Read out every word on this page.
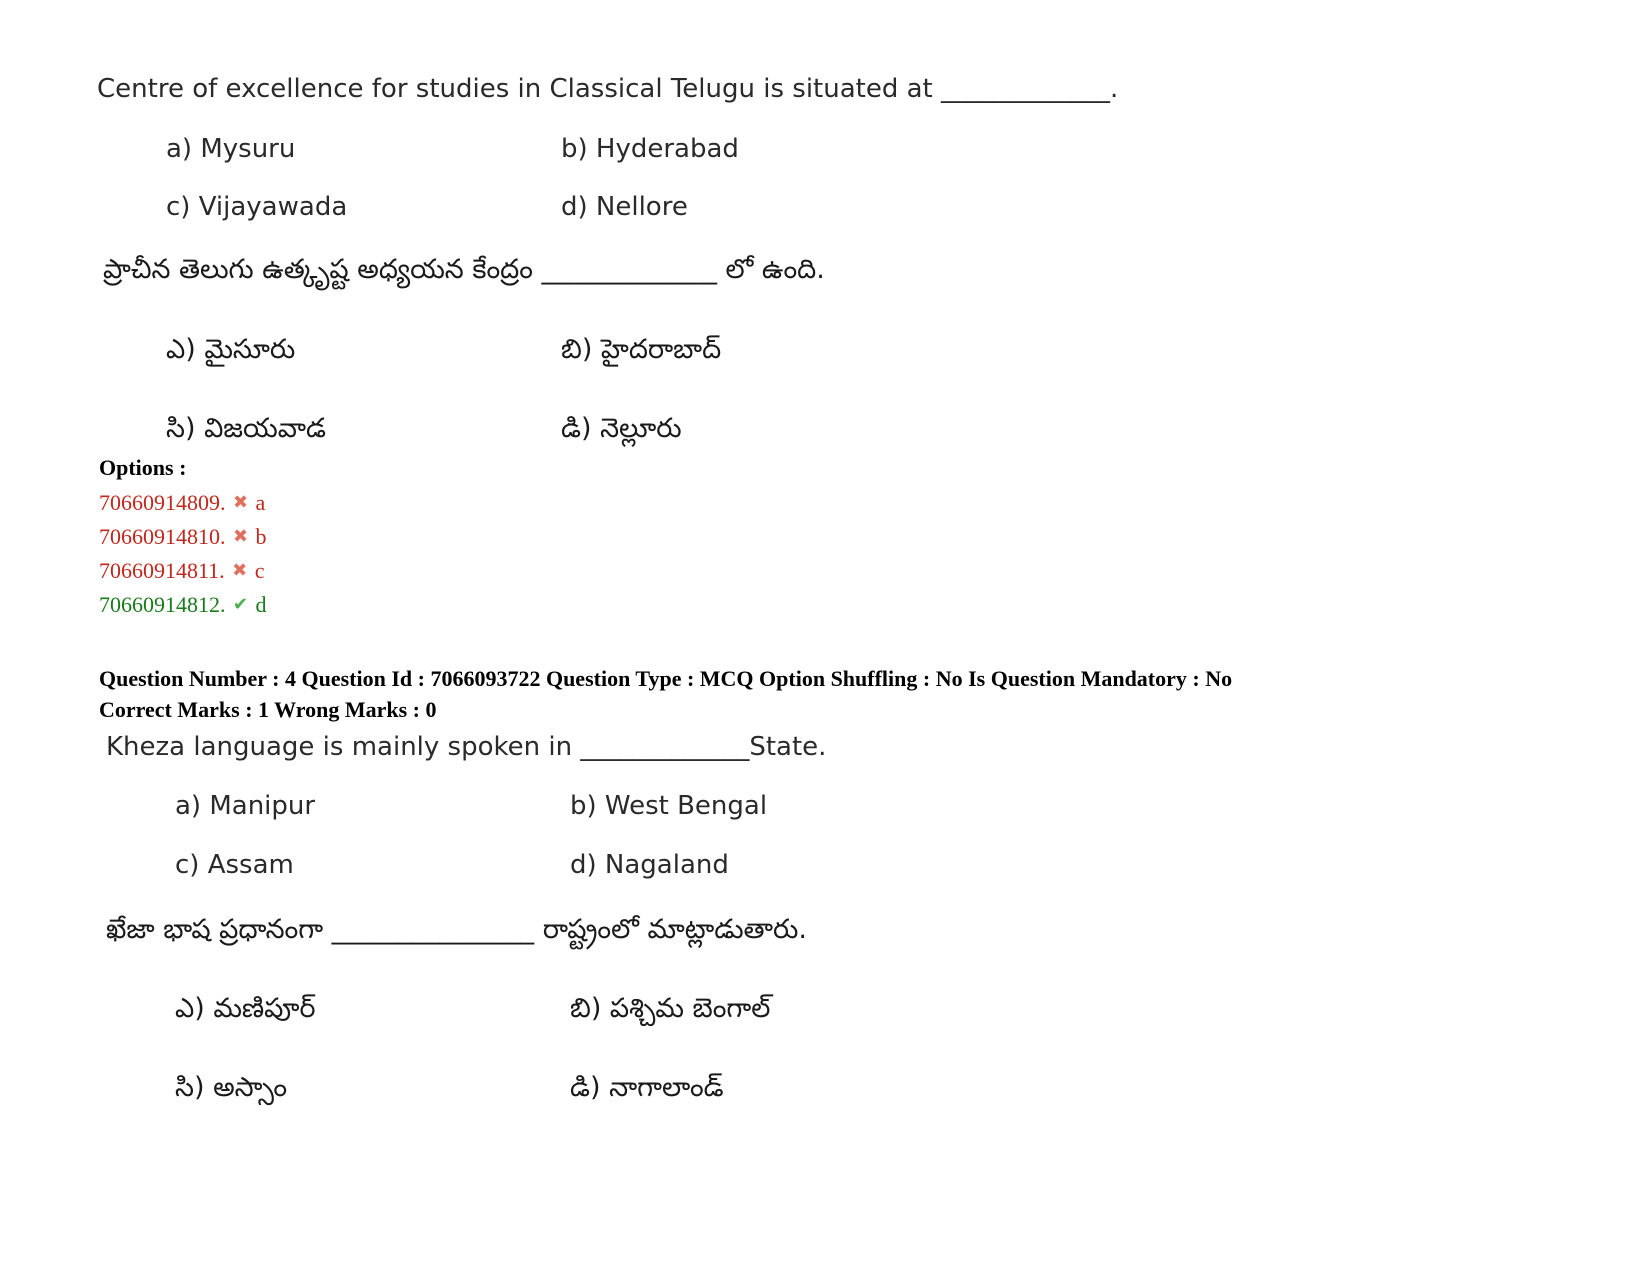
Centre of excellence for studies in Classical Telugu is situated at _____________.
a) Mysuru	b) Hyderabad
c) Vijayawada	d) Nellore
ప్రాచీన తెలుగు ఉత్కృష్ట అధ్యయన కేంద్రం _____________ లో ఉంది.
ఎ) మైసూరు	బి) హైదరాబాద్
సి) విజయవాడ	డి) నెల్లూరు
Options :
70660914809. ✖ a
70660914810. ✖ b
70660914811. ✖ c
70660914812. ✔ d
Question Number : 4 Question Id : 7066093722 Question Type : MCQ Option Shuffling : No Is Question Mandatory : No
Correct Marks : 1 Wrong Marks : 0
Kheza language is mainly spoken in _____________State.
a) Manipur	b) West Bengal
c) Assam	d) Nagaland
ఖేజా భాష ప్రధానంగా _______________ రాష్ట్రంలో మాట్లాడుతారు.
ఎ) మణిపూర్	బి) పశ్చిమ బెంగాల్
సి) అస్సాం	డి) నాగాలాండ్
